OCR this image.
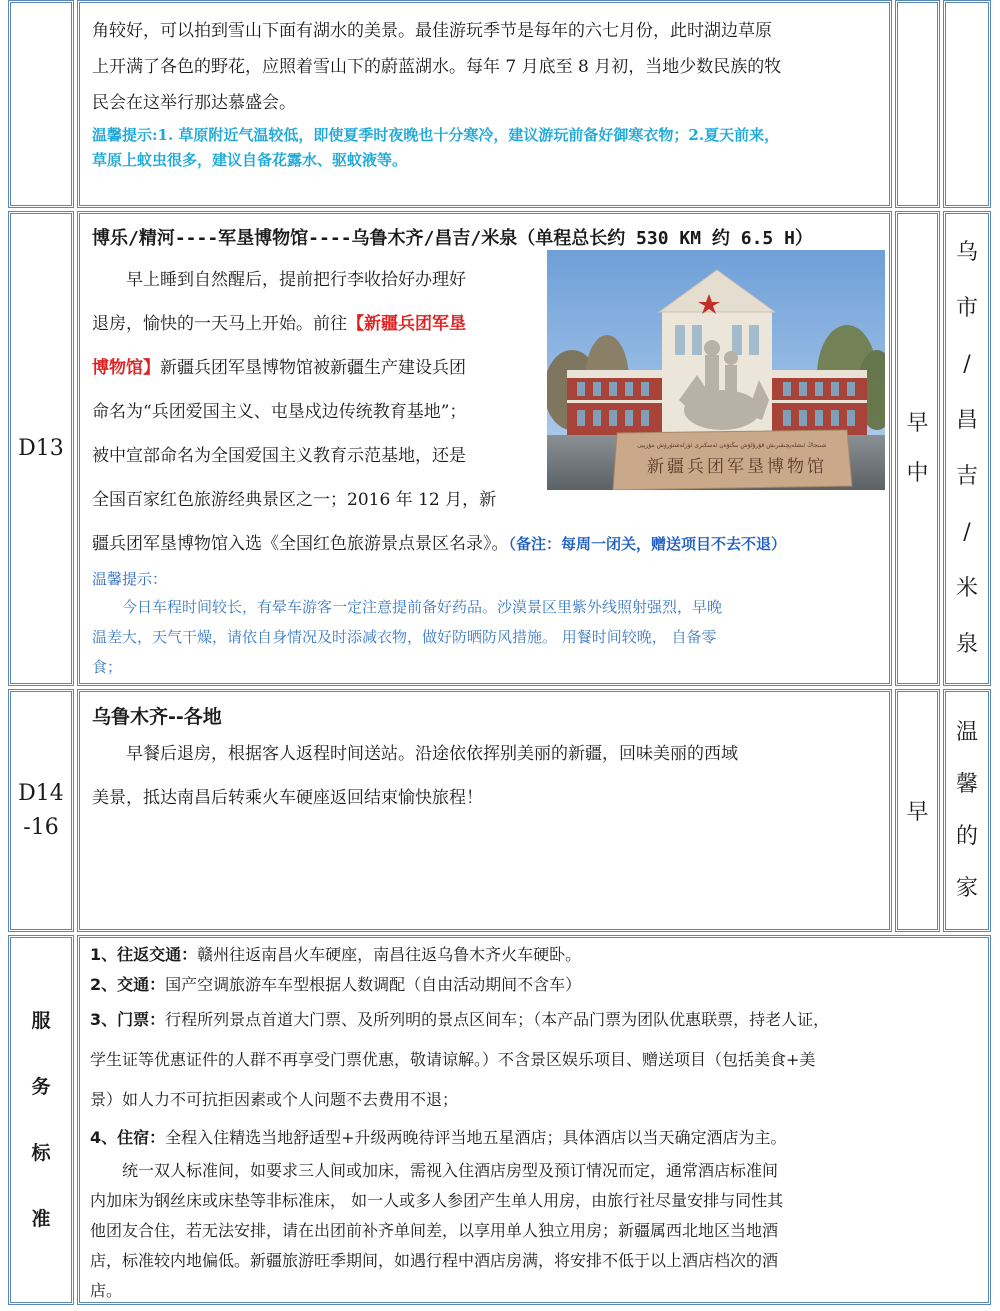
角较好，可以拍到雪山下面有湖水的美景。最佳游玩季节是每年的六七月份，此时湖边草原

上开满了各色的野花，应照着雪山下的蔚蓝湖水。每年 7 月底至 8 月初，当地少数民族的牧

民会在这举行那达慕盛会。

温馨提示:1. 草原附近气温较低，即使夏季时夜晚也十分寒冷，建议游玩前备好御寒衣物；2.夏天前来，

草原上蚊虫很多，建议自备花露水、驱蚊液等。

D13

博乐/精河----军垦博物馆----乌鲁木齐/昌吉/米泉（单程总长约 530 KM 约 6.5 H）

早上睡到自然醒后，提前把行李收拾好办理好

退房，愉快的一天马上开始。前往【新疆兵团军垦

博物馆】新疆兵团军垦博物馆被新疆生产建设兵团

命名为“兵团爱国主义、屯垦戍边传统教育基地”；

被中宣部命名为全国爱国主义教育示范基地，还是

全国百家红色旅游经典景区之一；2016 年 12 月，新

疆兵团军垦博物馆入选《全国红色旅游景点景区名录》。（备注：每周一闭关，赠送项目不去不退）

温馨提示：

今日车程时间较长，有晕车游客一定注意提前备好药品。沙漠景区里紫外线照射强烈，早晚

温差大，天气干燥，请依自身情况及时添减衣物，做好防晒防风措施。 用餐时间较晚， 自备零

食；

شىنجاڭ ئىشلەپچىقىرىش قۇرۇلۇش بىڭتۇەن ئەسكىرى ئۆزلەشتۈرۈش مۇزېيى
新疆兵团军垦博物馆
早
中
乌
市
/
昌
吉
/
米
泉
D14
-16

乌鲁木齐--各地

早餐后退房，根据客人返程时间送站。沿途依依挥别美丽的新疆，回味美丽的西域

美景，抵达南昌后转乘火车硬座返回结束愉快旅程！

早
温
馨
的
家
服
务
标
准

1、往返交通：赣州往返南昌火车硬座，南昌往返乌鲁木齐火车硬卧。

2、交通：国产空调旅游车车型根据人数调配（自由活动期间不含车）

3、门票：行程所列景点首道大门票、及所列明的景点区间车；（本产品门票为团队优惠联票，持老人证，

学生证等优惠证件的人群不再享受门票优惠，敬请谅解。）不含景区娱乐项目、赠送项目（包括美食+美

景）如人力不可抗拒因素或个人问题不去费用不退；

4、住宿：全程入住精选当地舒适型+升级两晚待评当地五星酒店；具体酒店以当天确定酒店为主。

统一双人标准间，如要求三人间或加床，需视入住酒店房型及预订情况而定，通常酒店标准间

内加床为钢丝床或床垫等非标准床， 如一人或多人参团产生单人用房，由旅行社尽量安排与同性其

他团友合住，若无法安排，请在出团前补齐单间差，以享用单人独立用房；新疆属西北地区当地酒

店，标准较内地偏低。新疆旅游旺季期间，如遇行程中酒店房满，将安排不低于以上酒店档次的酒

店。
